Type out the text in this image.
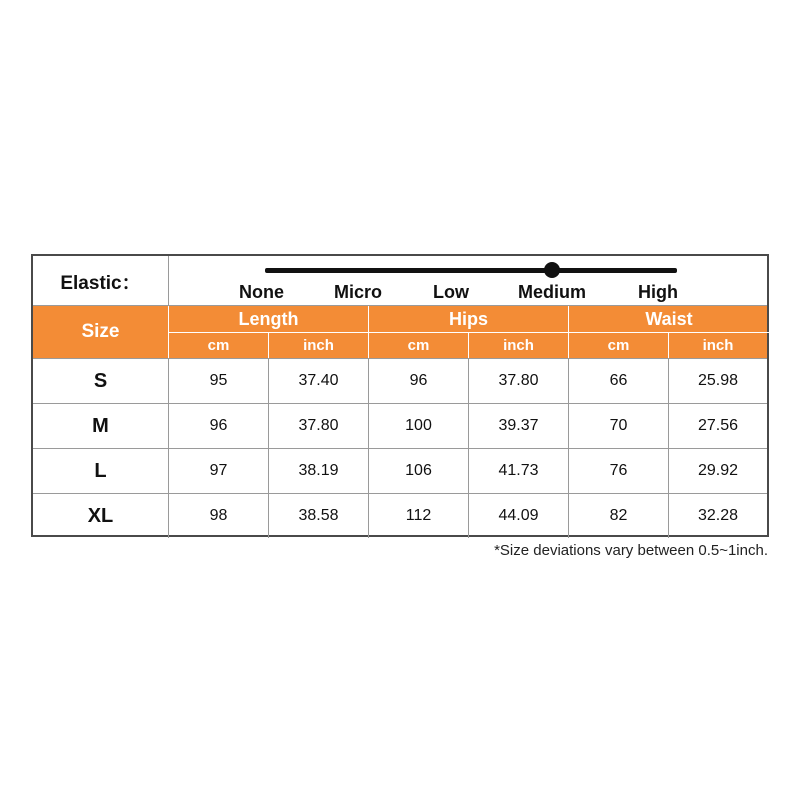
Elastic：	None	Micro	Low	Medium	High
Size
Length	Hips	Waist
cm	inch	cm	inch	cm	inch
S	95	37.40	96	37.80	66	25.98
M	96	37.80	100	39.37	70	27.56
L	97	38.19	106	41.73	76	29.92
XL	98	38.58	112	44.09	82	32.28
*Size deviations vary between 0.5~1inch.
